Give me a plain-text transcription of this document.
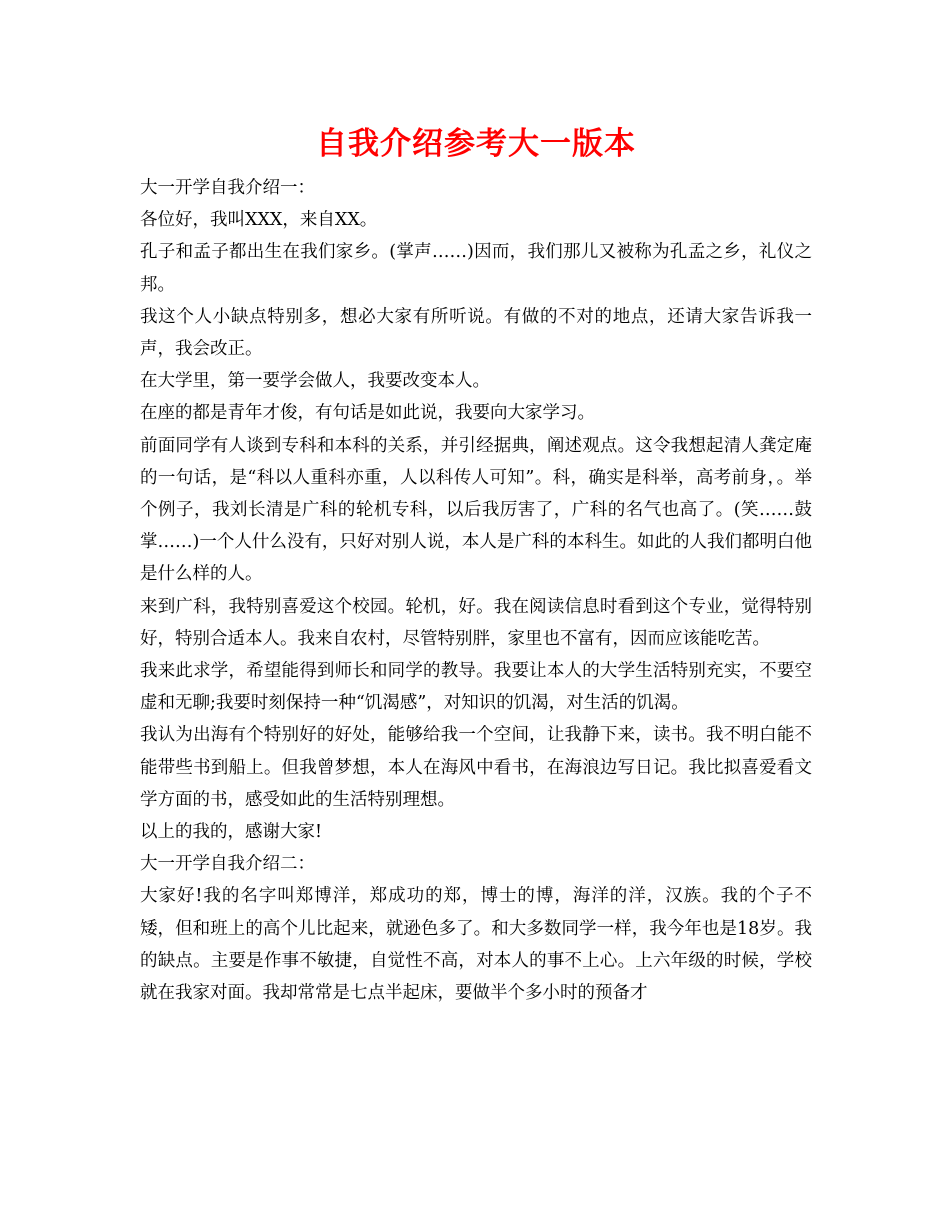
自我介绍参考大一版本

大一开学自我介绍一：

各位好，我叫XXX，来自XX。

孔子和孟子都出生在我们家乡。(掌声……)因而，我们那儿又被称为孔孟之乡，礼仪之邦。

我这个人小缺点特别多，想必大家有所听说。有做的不对的地点，还请大家告诉我一声，我会改正。

在大学里，第一要学会做人，我要改变本人。

在座的都是青年才俊，有句话是如此说，我要向大家学习。

前面同学有人谈到专科和本科的关系，并引经据典，阐述观点。这令我想起清人龚定庵的一句话，是“科以人重科亦重，人以科传人可知”。科，确实是科举，高考前身，。举个例子，我刘长清是广科的轮机专科，以后我厉害了，广科的名气也高了。(笑……鼓掌……)一个人什么没有，只好对别人说，本人是广科的本科生。如此的人我们都明白他是什么样的人。

来到广科，我特别喜爱这个校园。轮机，好。我在阅读信息时看到这个专业，觉得特别好，特别合适本人。我来自农村，尽管特别胖，家里也不富有，因而应该能吃苦。

我来此求学，希望能得到师长和同学的教导。我要让本人的大学生活特别充实，不要空虚和无聊;我要时刻保持一种“饥渴感”，对知识的饥渴，对生活的饥渴。

我认为出海有个特别好的好处，能够给我一个空间，让我静下来，读书。我不明白能不能带些书到船上。但我曾梦想，本人在海风中看书，在海浪边写日记。我比拟喜爱看文学方面的书，感受如此的生活特别理想。

以上的我的，感谢大家!

大一开学自我介绍二：

大家好!我的名字叫郑博洋，郑成功的郑，博士的博，海洋的洋，汉族。我的个子不矮，但和班上的高个儿比起来，就逊色多了。和大多数同学一样，我今年也是18岁。我的缺点。主要是作事不敏捷，自觉性不高，对本人的事不上心。上六年级的时候，学校就在我家对面。我却常常是七点半起床，要做半个多小时的预备才
